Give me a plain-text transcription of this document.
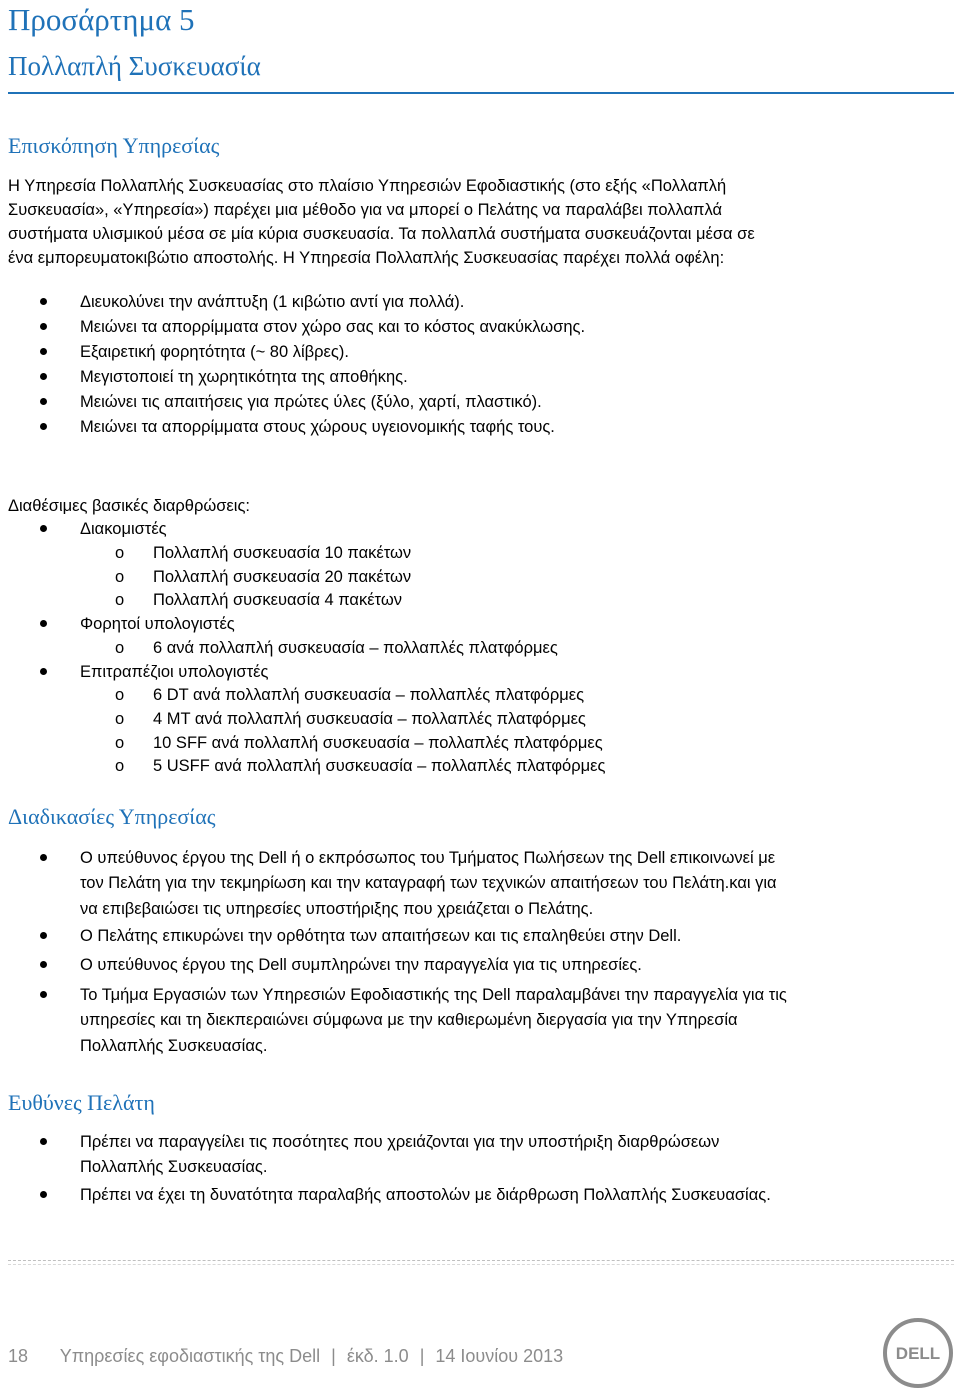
Προσάρτημα 5
Πολλαπλή Συσκευασία
Επισκόπηση Υπηρεσίας
Η Υπηρεσία Πολλαπλής Συσκευασίας στο πλαίσιο Υπηρεσιών Εφοδιαστικής (στο εξής «Πολλαπλή
Συσκευασία», «Υπηρεσία») παρέχει μια μέθοδο για να μπορεί ο Πελάτης να παραλάβει πολλαπλά
συστήματα υλισμικού μέσα σε μία κύρια συσκευασία. Τα πολλαπλά συστήματα συσκευάζονται μέσα σε
ένα εμπορευματοκιβώτιο αποστολής. Η Υπηρεσία Πολλαπλής Συσκευασίας παρέχει πολλά οφέλη:
Διευκολύνει την ανάπτυξη (1 κιβώτιο αντί για πολλά).
Μειώνει τα απορρίμματα στον χώρο σας και το κόστος ανακύκλωσης.
Εξαιρετική φορητότητα (~ 80 λίβρες).
Μεγιστοποιεί τη χωρητικότητα της αποθήκης.
Μειώνει τις απαιτήσεις για πρώτες ύλες (ξύλο, χαρτί, πλαστικό).
Μειώνει τα απορρίμματα στους χώρους υγειονομικής ταφής τους.
Διαθέσιμες βασικές διαρθρώσεις:
Διακομιστές
o Πολλαπλή συσκευασία 10 πακέτων
o Πολλαπλή συσκευασία 20 πακέτων
o Πολλαπλή συσκευασία 4 πακέτων
Φορητοί υπολογιστές
o 6 ανά πολλαπλή συσκευασία – πολλαπλές πλατφόρμες
Επιτραπέζιοι υπολογιστές
o 6 DT ανά πολλαπλή συσκευασία – πολλαπλές πλατφόρμες
o 4 MT ανά πολλαπλή συσκευασία – πολλαπλές πλατφόρμες
o 10 SFF ανά πολλαπλή συσκευασία – πολλαπλές πλατφόρμες
o 5 USFF ανά πολλαπλή συσκευασία – πολλαπλές πλατφόρμες
Διαδικασίες Υπηρεσίας
Ο υπεύθυνος έργου της Dell ή ο εκπρόσωπος του Τμήματος Πωλήσεων της Dell επικοινωνεί με
τον Πελάτη για την τεκμηρίωση και την καταγραφή των τεχνικών απαιτήσεων του Πελάτη.και για
να επιβεβαιώσει τις υπηρεσίες υποστήριξης που χρειάζεται ο Πελάτης.
Ο Πελάτης επικυρώνει την ορθότητα των απαιτήσεων και τις επαληθεύει στην Dell.
Ο υπεύθυνος έργου της Dell συμπληρώνει την παραγγελία για τις υπηρεσίες.
Το Τμήμα Εργασιών των Υπηρεσιών Εφοδιαστικής της Dell παραλαμβάνει την παραγγελία για τις
υπηρεσίες και τη διεκπεραιώνει σύμφωνα με την καθιερωμένη διεργασία για την Υπηρεσία
Πολλαπλής Συσκευασίας.
Ευθύνες Πελάτη
Πρέπει να παραγγείλει τις ποσότητες που χρειάζονται για την υποστήριξη διαρθρώσεων
Πολλαπλής Συσκευασίας.
Πρέπει να έχει τη δυνατότητα παραλαβής αποστολών με διάρθρωση Πολλαπλής Συσκευασίας.
18 Υπηρεσίες εφοδιαστικής της Dell | έκδ. 1.0 | 14 Ιουνίου 2013	DELL
